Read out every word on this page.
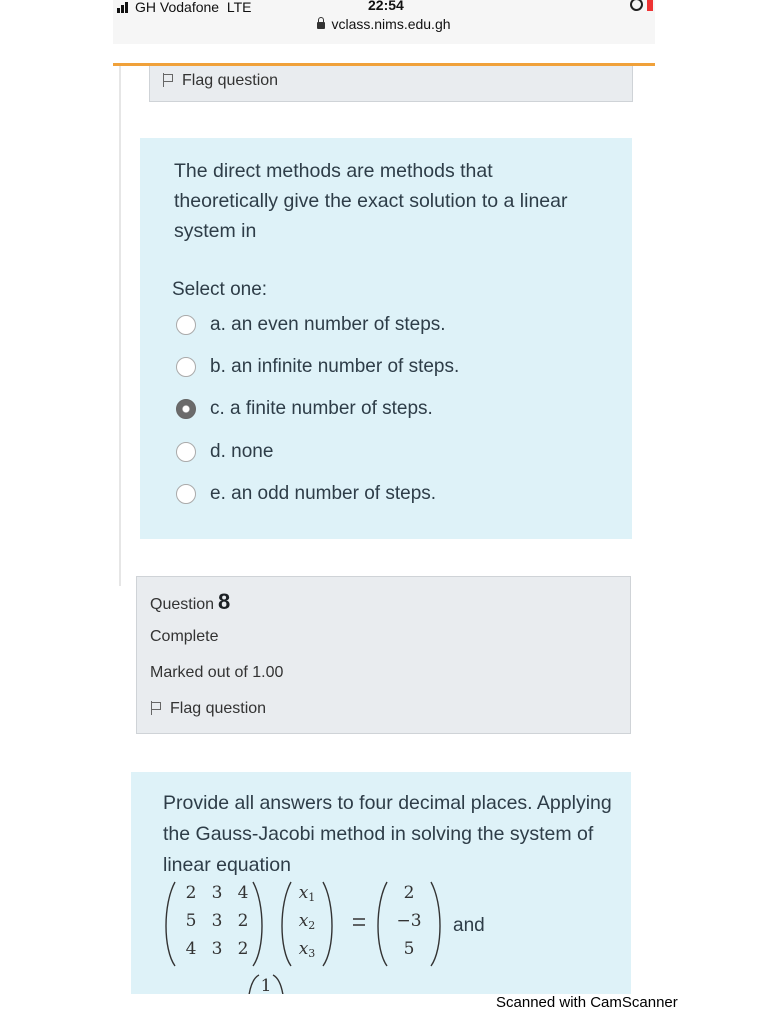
GH Vodafone LTE	22:54
vclass.nims.edu.gh
Flag question
The direct methods are methods that theoretically give the exact solution to a linear system in
Select one:
a. an even number of steps.
b. an infinite number of steps.
c. a finite number of steps.
d. none
e. an odd number of steps.
Question 8
Complete
Marked out of 1.00
Flag question
Provide all answers to four decimal places. Applying the Gauss-Jacobi method in solving the system of linear equation
2 3 4
5 3 2
4 3 2
x1
x2
x3
2
−3
5
and
1
Scanned with CamScanner
